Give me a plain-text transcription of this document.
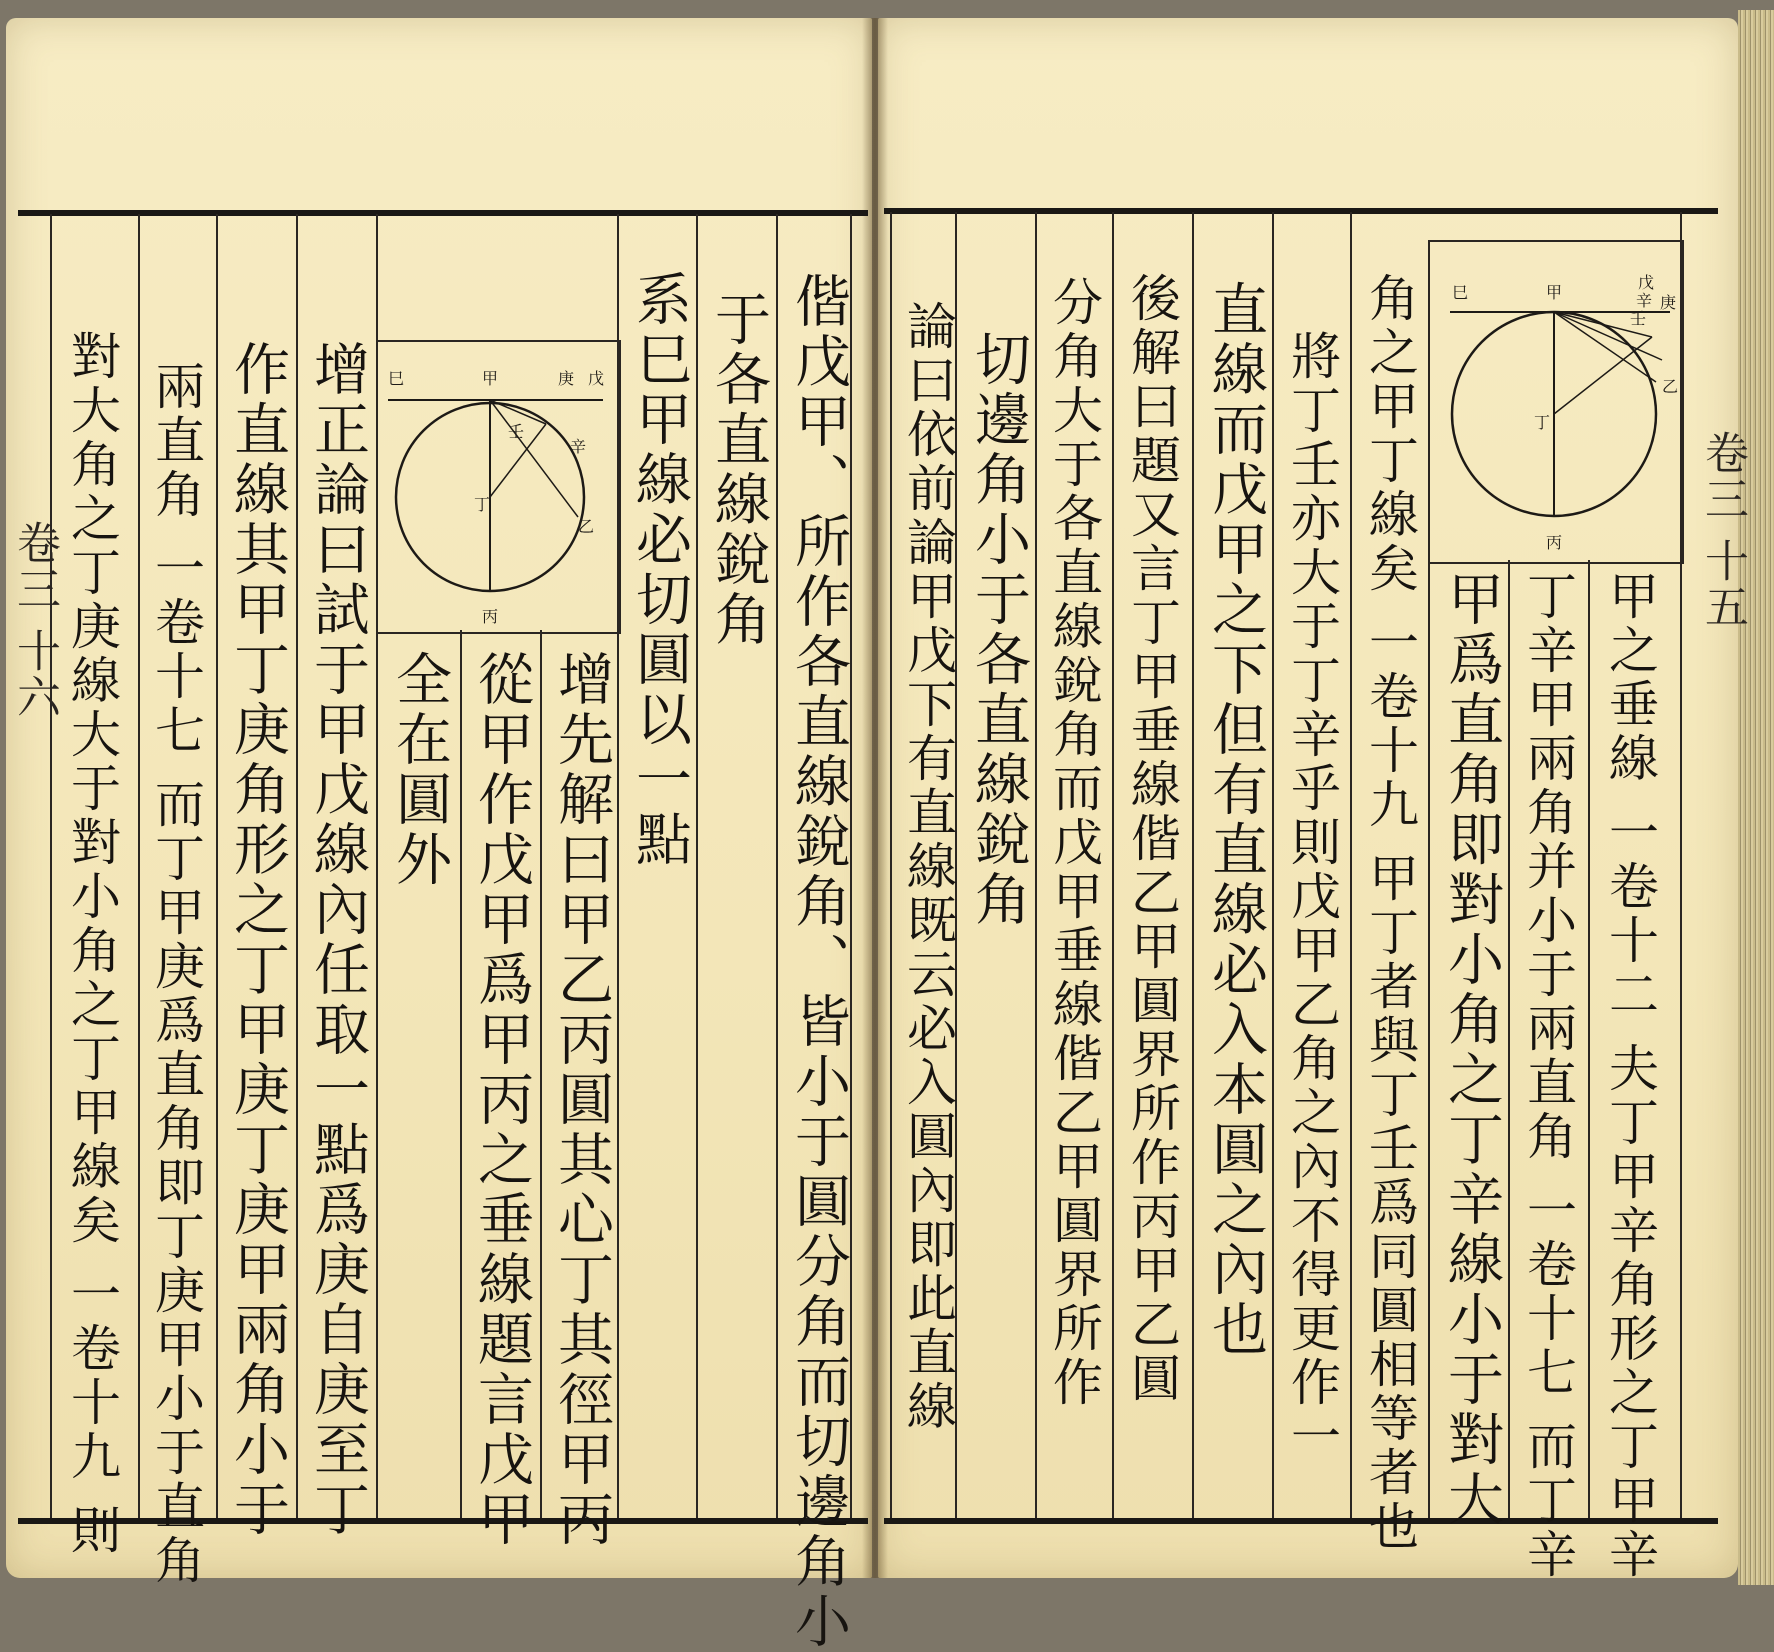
巳	甲	庚 戊
壬
辛
丁
乙
丙	偕戊甲、所作各直線銳角、皆小于圓分角而切邊角小
于各直線銳角
系巳甲線必切圓以一點
增先解曰甲乙丙圓其心丁其徑甲丙
從甲作戊甲爲甲丙之垂線題言戊甲
全在圓外
增正論曰試于甲戊線內任取一點爲庚自庚至丁
作直線其甲丁庚角形之丁甲庚丁庚甲兩角小于
兩直角 一卷十七 而丁甲庚爲直角即丁庚甲小于直角
對大角之丁庚線大于對小角之丁甲線矣 一卷十九 則
卷三 十六
巳	甲
戊
辛
壬
庚
乙
丁
丙
甲之垂線 一卷十二 夫丁甲辛角形之丁甲辛
丁辛甲兩角并小于兩直角 一卷十七 而丁辛
甲爲直角即對小角之丁辛線小于對大
角之甲丁線矣 一卷十九 甲丁者與丁壬爲同圓相等者也
將丁壬亦大于丁辛乎則戊甲乙角之內不得更作一
直線而戊甲之下但有直線必入本圓之內也
後解曰題又言丁甲垂線偕乙甲圓界所作丙甲乙圓
分角大于各直線銳角而戊甲垂線偕乙甲圓界所作
切邊角小于各直線銳角
論曰依前論甲戊下有直線既云必入圓內即此直線	卷三 十五
